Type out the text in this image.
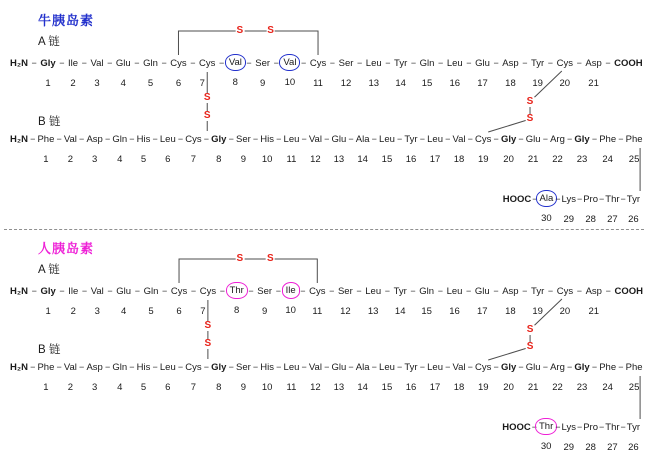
牛胰岛素
A 链
H₂N − Gly
1
− Ile
2
− Val
3
− Glu
4
− Gln
5
− Cys
6
− Cys
7
− Val
8
− Ser
9
− Val
10
− Cys
11
− Ser
12
− Leu
13
− Tyr
14
− Gln
15
− Leu
16
− Glu
17
− Asp
18
− Tyr
19
− Cys
20
− Asp
21
− COOH
B 链
H₂N − Phe
1
− Val
2
− Asp
3
− Gln
4
− His
5
− Leu
6
− Cys
7
− Gly
8
− Ser
9
− His
10
− Leu
11
− Val
12
− Glu
13
− Ala
14
− Leu
15
− Tyr
16
− Leu
17
− Val
18
− Cys
19
− Gly
20
− Glu
21
− Arg
22
− Gly
23
− Phe
24
− Phe
25
HOOC − Ala
30
− Lys
29
− Pro
28
− Thr
27
− Tyr
26
人胰岛素
A 链
H₂N − Gly
1
− Ile
2
− Val
3
− Glu
4
− Gln
5
− Cys
6
− Cys
7
− Thr
8
− Ser
9
− Ile
10
− Cys
11
− Ser
12
− Leu
13
− Tyr
14
− Gln
15
− Leu
16
− Glu
17
− Asp
18
− Tyr
19
− Cys
20
− Asp
21
− COOH
B 链
H₂N − Phe
1
− Val
2
− Asp
3
− Gln
4
− His
5
− Leu
6
− Cys
7
− Gly
8
− Ser
9
− His
10
− Leu
11
− Val
12
− Glu
13
− Ala
14
− Leu
15
− Tyr
16
− Leu
17
− Val
18
− Cys
19
− Gly
20
− Glu
21
− Arg
22
− Gly
23
− Phe
24
− Phe
25
HOOC − Thr
30
− Lys
29
− Pro
28
− Thr
27
− Tyr
26
S S
S
S
S
S
S S
S
S
S
S
